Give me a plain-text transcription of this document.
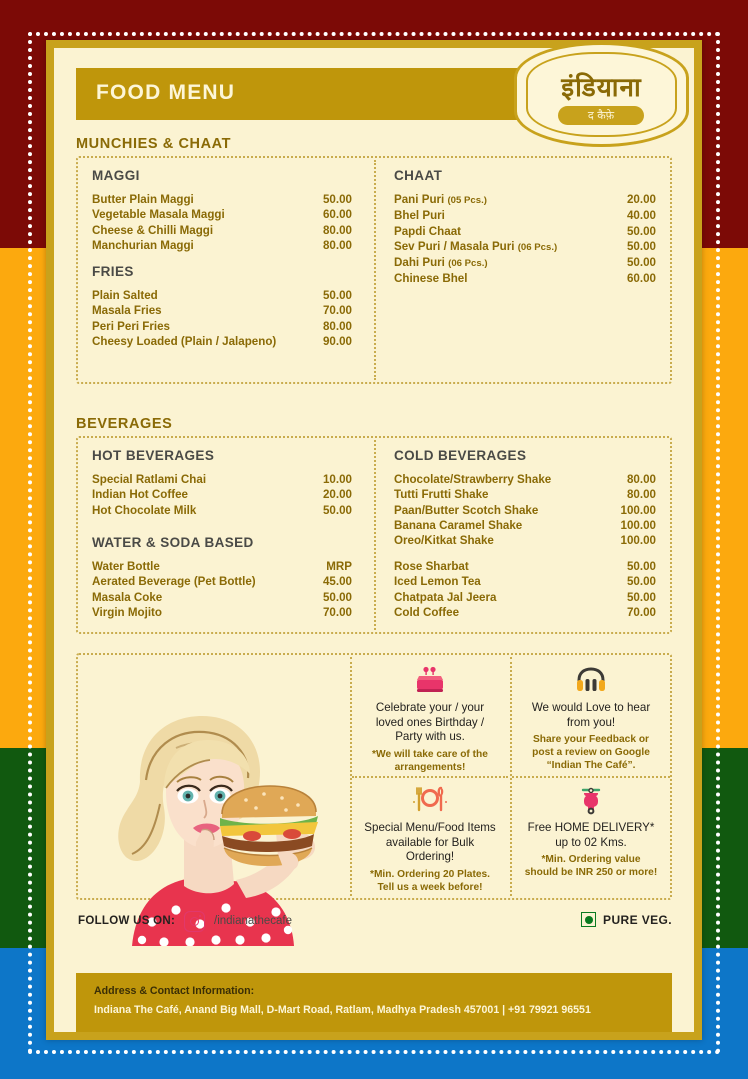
FOOD MENU	इंडियाना
द कैफ़े
MUNCHIES & CHAAT
MAGGI
Butter Plain Maggi	50.00
Vegetable Masala Maggi	60.00
Cheese & Chilli Maggi	80.00
Manchurian Maggi	80.00
FRIES
Plain Salted	50.00
Masala Fries	70.00
Peri Peri Fries	80.00
Cheesy Loaded (Plain / Jalapeno)	90.00
CHAAT
Pani Puri (05 Pcs.)	20.00
Bhel Puri	40.00
Papdi Chaat	50.00
Sev Puri / Masala Puri (06 Pcs.)	50.00
Dahi Puri (06 Pcs.)	50.00
Chinese Bhel	60.00
BEVERAGES
HOT BEVERAGES
Special Ratlami Chai	10.00
Indian Hot Coffee	20.00
Hot Chocolate Milk	50.00
WATER & SODA BASED
Water Bottle	MRP
Aerated Beverage (Pet Bottle)	45.00
Masala Coke	50.00
Virgin Mojito	70.00
COLD BEVERAGES
Chocolate/Strawberry Shake	80.00
Tutti Frutti Shake	80.00
Paan/Butter Scotch Shake	100.00
Banana Caramel Shake	100.00
Oreo/Kitkat Shake	100.00
Rose Sharbat	50.00
Iced Lemon Tea	50.00
Chatpata Jal Jeera	50.00
Cold Coffee	70.00
Celebrate your / your loved ones Birthday / Party with us.
*We will take care of the arrangements!
We would Love to hear from you!
Share your Feedback or post a review on Google “Indian The Café”.
Special Menu/Food Items available for Bulk Ordering!
*Min. Ordering 20 Plates. Tell us a week before!
Free HOME DELIVERY* up to 02 Kms.
*Min. Ordering value should be INR 250 or more!
FOLLOW US ON:	/indianathecafe	PURE VEG.
Address & Contact Information:
Indiana The Café, Anand Big Mall, D-Mart Road, Ratlam, Madhya Pradesh 457001 | +91 79921 96551
